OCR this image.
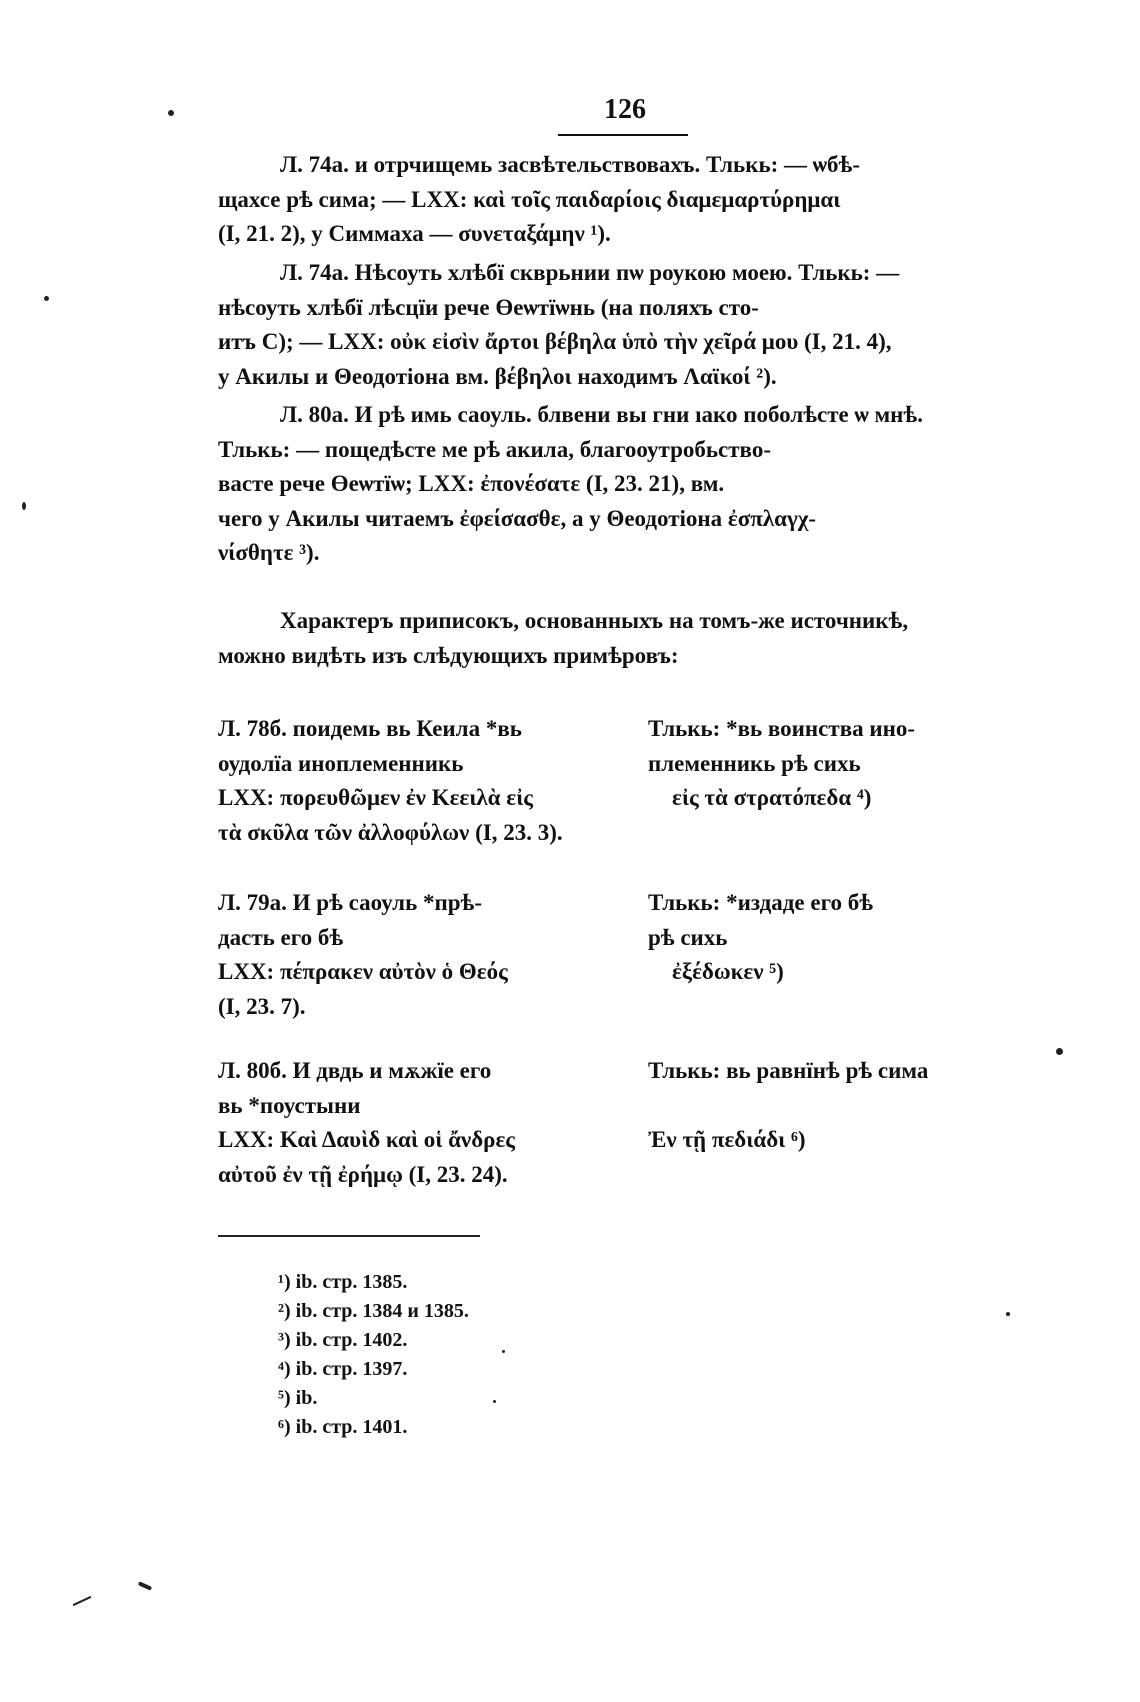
126
Л. 74а. и отрчищемь засвѣтельствовахъ. Тлькь: — ѡбѣ-
щахсе рѣ сима; — LXX: καὶ τοῖς παιδαρίοις διαμεμαρτύρημαι
(I, 21. 2), у Симмаха — συνεταξάμην ¹).
Л. 74а. Нѣсоуть хлѣбї скврьнии пѡ роукою моею. Тлькь: —
нѣсоуть хлѣбї лѣсцїи рече Өеѡтїѡнь (на поляхъ сто-
итъ С); — LXX: οὐκ εἰσὶν ἄρτοι βέβηλα ὑπὸ τὴν χεῖρά μου (I, 21. 4),
у Акилы и Θеодотіона вм. βέβηλοι находимъ Λαϊκοί ²).
Л. 80а. И рѣ имь саоуль. блвени вы гни ıако поболѣсте ѡ мнѣ.
Тлькь: — пощедѣсте ме рѣ акила, благооутробьство-
васте рече Өеѡтїѡ; LXX: ἐπονέσατε (I, 23. 21), вм.
чего у Акилы читаемъ ἐφείσασθε, а у Θеодотіона ἐσπλαγχ-
νίσθητε ³).
Характеръ приписокъ, основанныхъ на томъ-же источникѣ,
можно видѣть изъ слѣдующихъ примѣровъ:
Л. 78б. поидемь вь Кеила *вь
оудолїа иноплеменникь
LXX: πορευθῶμεν ἐν Κεειλὰ εἰς
τὰ σκῦλα τῶν ἀλλοφύλων (I, 23. 3).
Тлькь: *вь воинства ино-
племенникь рѣ сихь
εἰς τὰ στρατόπεδα ⁴)
Л. 79а. И рѣ саоуль *прѣ-
дасть его бѣ
LXX: πέπρακεν αὐτὸν ὁ Θεός
(I, 23. 7).
Тлькь: *издаде его бѣ
рѣ сихь
ἐξέδωκεν ⁵)
Л. 80б. И двдь и мѫжїе его
вь *поустыни
LXX: Καὶ Δαυὶδ καὶ οἱ ἄνδρες
αὐτοῦ ἐν τῇ ἐρήμῳ (I, 23. 24).
Тлькь: вь равнїнѣ рѣ сима

Ἐν τῇ πεδιάδι ⁶)
¹) ib. стр. 1385.
²) ib. стр. 1384 и 1385.
³) ib. стр. 1402.
⁴) ib. стр. 1397.
⁵) ib.
⁶) ib. стр. 1401.
